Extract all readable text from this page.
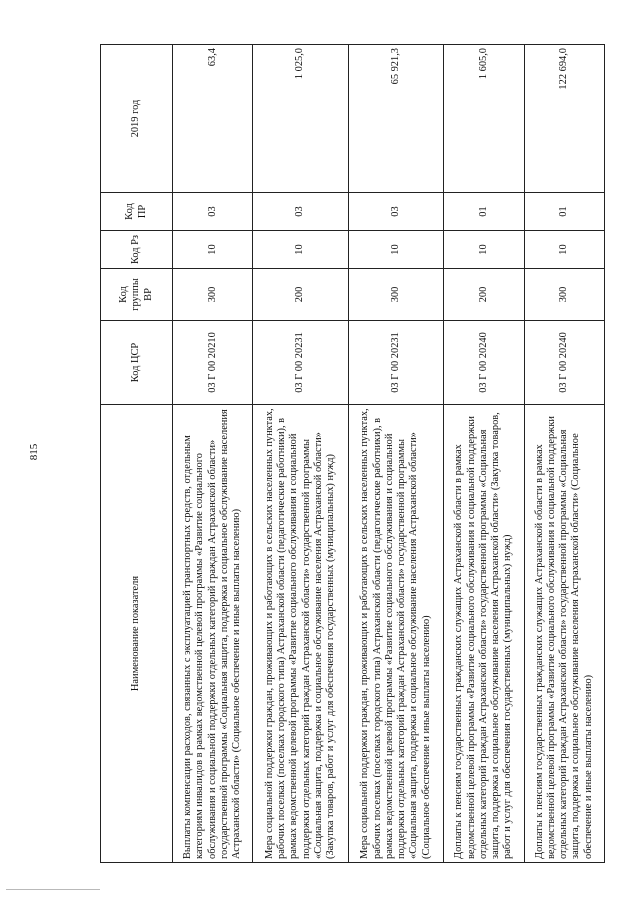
815
Наименование показателя	Код ЦСР	Код группы ВР	Код Рз	Код ПР	2019 год
Выплаты компенсации расходов, связанных с эксплуатацией транспортных средств, отдельным категориям инвалидов в рамках ведомственной целевой программы «Развитие социального обслуживания и социальной поддержки отдельных категорий граждан Астраханской области» государственной программы «Социальная защита, поддержка и социальное обслуживание населения Астраханской области» (Социальное обеспечение и иные выплаты населению)	03 Г 00 20210	300	10	03	63,4
Мера социальной поддержки граждан, проживающих и работающих в сельских населенных пунктах, рабочих поселках (поселках городского типа) Астраханской области (педагогические работники), в рамках ведомственной целевой программы «Развитие социального обслуживания и социальной поддержки отдельных категорий граждан Астраханской области» государственной программы «Социальная защита, поддержка и социальное обслуживание населения Астраханской области» (Закупка товаров, работ и услуг для обеспечения государственных (муниципальных) нужд)	03 Г 00 20231	200	10	03	1 025,0
Мера социальной поддержки граждан, проживающих и работающих в сельских населенных пунктах, рабочих поселках (поселках городского типа) Астраханской области (педагогические работники), в рамках ведомственной целевой программы «Развитие социального обслуживания и социальной поддержки отдельных категорий граждан Астраханской области» государственной программы «Социальная защита, поддержка и социальное обслуживание населения Астраханской области» (Социальное обеспечение и иные выплаты населению)	03 Г 00 20231	300	10	03	65 921,3
Доплаты к пенсиям государственных гражданских служащих Астраханской области в рамках ведомственной целевой программы «Развитие социального обслуживания и социальной поддержки отдельных категорий граждан Астраханской области» государственной программы «Социальная защита, поддержка и социальное обслуживание населения Астраханской области» (Закупка товаров, работ и услуг для обеспечения государственных (муниципальных) нужд)	03 Г 00 20240	200	10	01	1 605,0
Доплаты к пенсиям государственных гражданских служащих Астраханской области в рамках ведомственной целевой программы «Развитие социального обслуживания и социальной поддержки отдельных категорий граждан Астраханской области» государственной программы «Социальная защита, поддержка и социальное обслуживание населения Астраханской области» (Социальное обеспечение и иные выплаты населению)	03 Г 00 20240	300	10	01	122 694,0
